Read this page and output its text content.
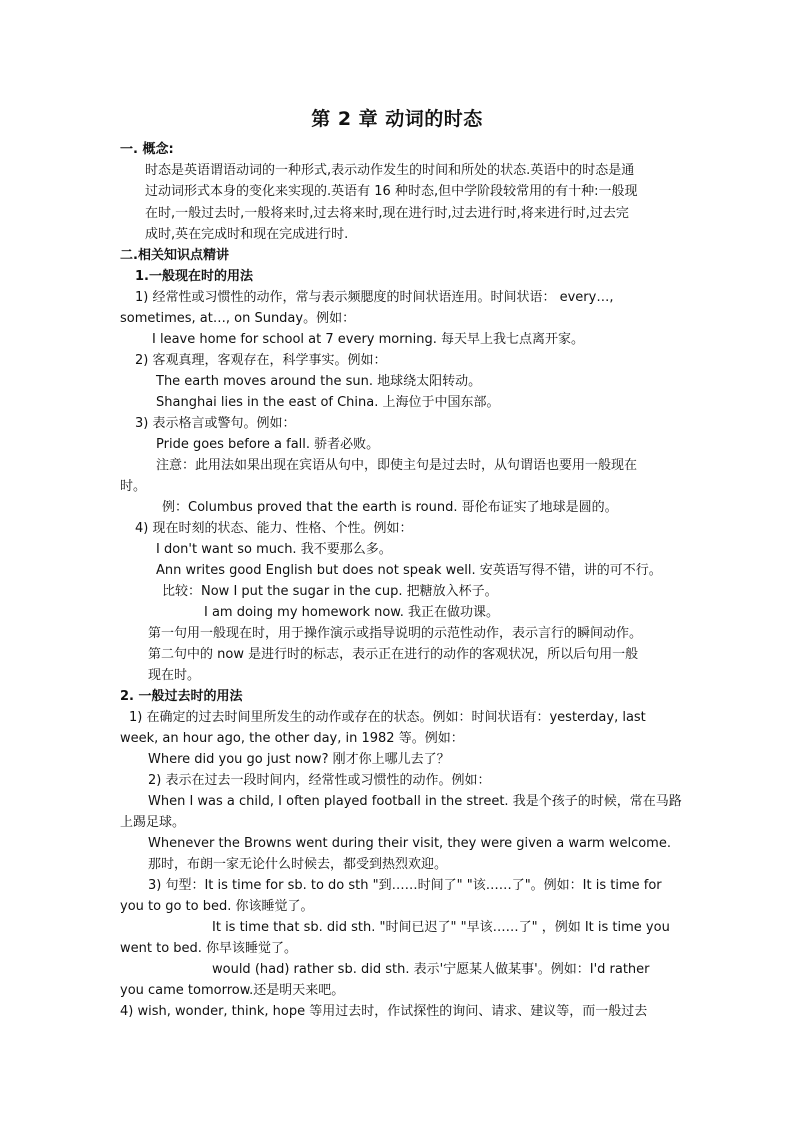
第 2 章 动词的时态
一. 概念:
时态是英语谓语动词的一种形式,表示动作发生的时间和所处的状态.英语中的时态是通
过动词形式本身的变化来实现的.英语有 16 种时态,但中学阶段较常用的有十种:一般现
在时,一般过去时,一般将来时,过去将来时,现在进行时,过去进行时,将来进行时,过去完
成时,英在完成时和现在完成进行时.
二.相关知识点精讲
1.一般现在时的用法
1) 经常性或习惯性的动作，常与表示频腮度的时间状语连用。时间状语： every…,
sometimes, at…, on Sunday。例如：
I leave home for school at 7 every morning. 每天早上我七点离开家。
2) 客观真理，客观存在，科学事实。例如：
The earth moves around the sun. 地球绕太阳转动。
Shanghai lies in the east of China. 上海位于中国东部。
3) 表示格言或警句。例如：
Pride goes before a fall. 骄者必败。
注意：此用法如果出现在宾语从句中，即使主句是过去时，从句谓语也要用一般现在
时。
例：Columbus proved that the earth is round. 哥伦布证实了地球是圆的。
4) 现在时刻的状态、能力、性格、个性。例如：
I don't want so much. 我不要那么多。
Ann writes good English but does not speak well. 安英语写得不错，讲的可不行。
比较：Now I put the sugar in the cup. 把糖放入杯子。
I am doing my homework now. 我正在做功课。
第一句用一般现在时，用于操作演示或指导说明的示范性动作，表示言行的瞬间动作。
第二句中的 now 是进行时的标志，表示正在进行的动作的客观状况，所以后句用一般
现在时。
2. 一般过去时的用法
1) 在确定的过去时间里所发生的动作或存在的状态。例如：时间状语有：yesterday, last
week, an hour ago, the other day, in 1982 等。例如：
Where did you go just now? 刚才你上哪儿去了？
2) 表示在过去一段时间内，经常性或习惯性的动作。例如：
When I was a child, I often played football in the street. 我是个孩子的时候，常在马路
上踢足球。
Whenever the Browns went during their visit, they were given a warm welcome.
那时，布朗一家无论什么时候去，都受到热烈欢迎。
3) 句型：It is time for sb. to do sth "到……时间了" "该……了"。例如：It is time for
you to go to bed. 你该睡觉了。
It is time that sb. did sth. "时间已迟了" "早该……了" ，例如 It is time you
went to bed. 你早该睡觉了。
would (had) rather sb. did sth. 表示'宁愿某人做某事'。例如：I'd rather
you came tomorrow.还是明天来吧。
4) wish, wonder, think, hope 等用过去时，作试探性的询问、请求、建议等，而一般过去
